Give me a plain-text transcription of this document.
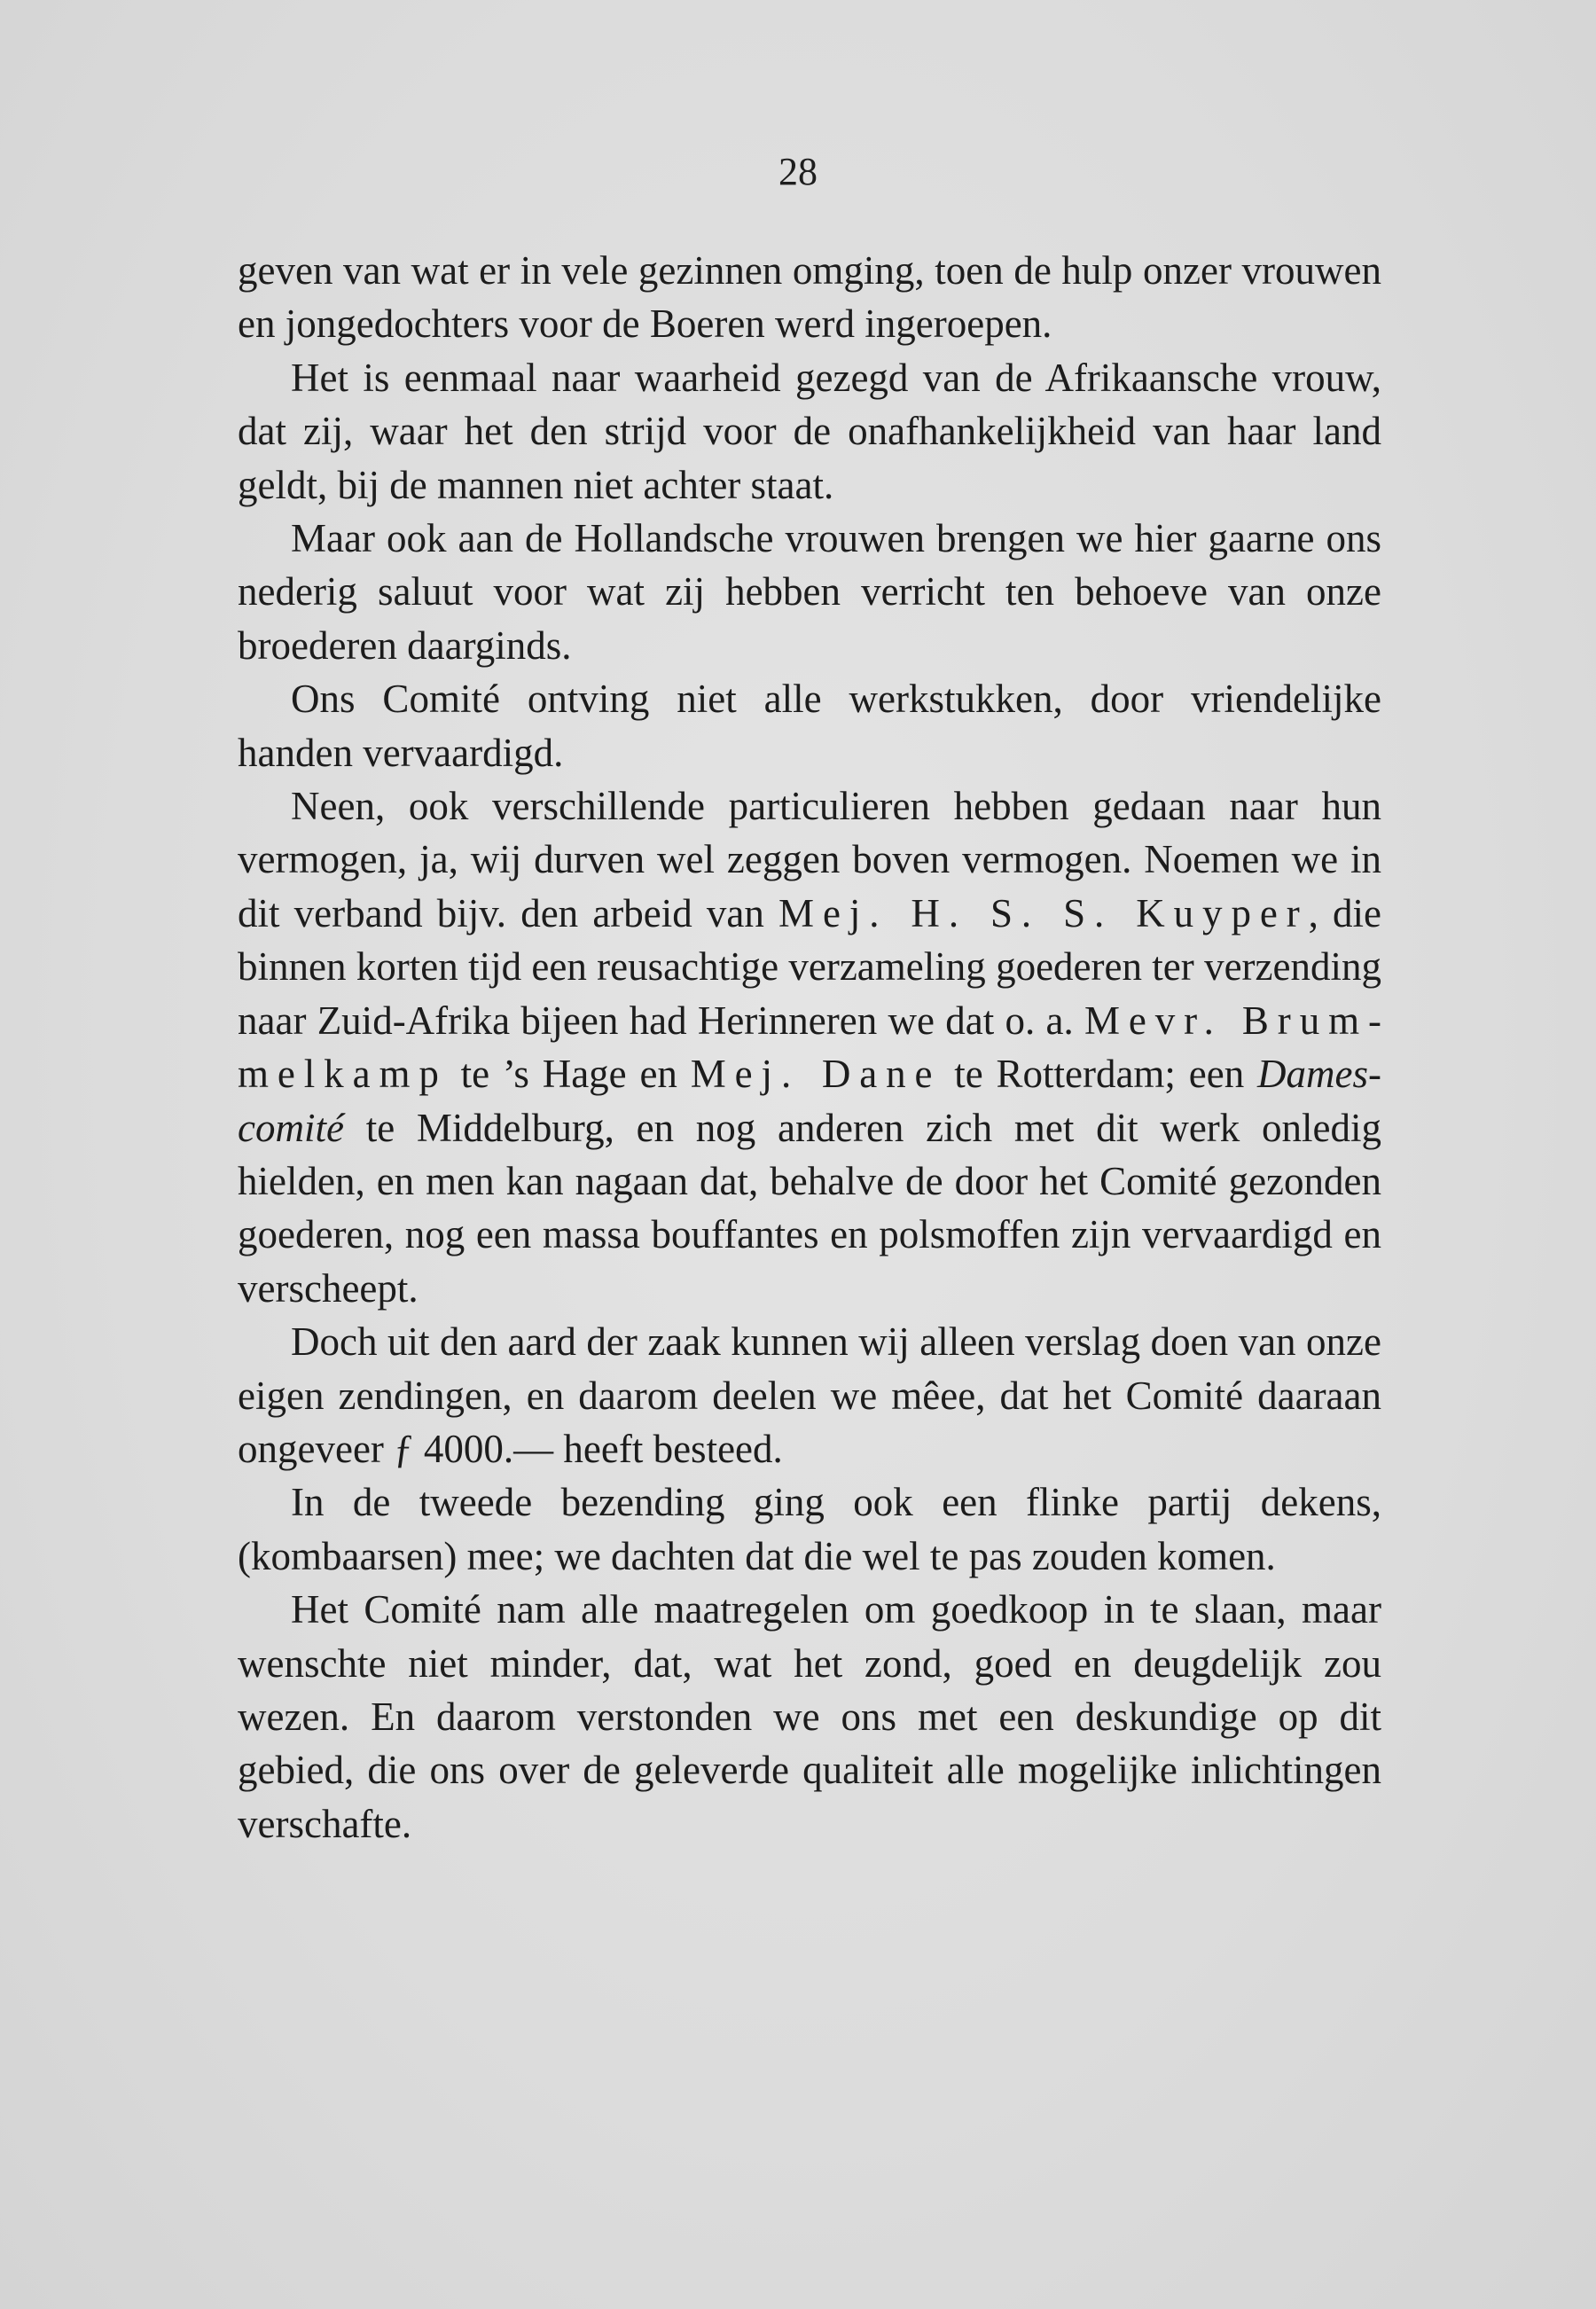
28

geven van wat er in vele gezinnen omging, toen de hulp onzer vrouwen en jongedochters voor de Boeren werd ingeroepen.

Het is eenmaal naar waarheid gezegd van de Afrikaansche vrouw, dat zij, waar het den strijd voor de onafhankelijkheid van haar land geldt, bij de mannen niet achter staat.

Maar ook aan de Hollandsche vrouwen brengen we hier gaarne ons nederig saluut voor wat zij hebben verricht ten behoeve van onze broederen daarginds.

Ons Comité ontving niet alle werkstukken, door vriendelijke handen vervaardigd.

Neen, ook verschillende particulieren hebben gedaan naar hun vermogen, ja, wij durven wel zeggen boven vermogen. Noemen we in dit verband bijv. den arbeid van Mej. H. S. S. Kuyper, die binnen korten tijd een reusachtige verzameling goederen ter verzending naar Zuid-Afrika bijeen had Herinneren we dat o. a. Mevr. Brummelkamp te ’s Hage en Mej. Dane te Rotterdam; een Dames-comité te Middelburg, en nog anderen zich met dit werk onledig hielden, en men kan nagaan dat, behalve de door het Comité gezonden goederen, nog een massa bouffantes en polsmoffen zijn vervaardigd en verscheept.

Doch uit den aard der zaak kunnen wij alleen verslag doen van onze eigen zendingen, en daarom deelen we mêee, dat het Comité daaraan ongeveer ƒ 4000.— heeft besteed.

In de tweede bezending ging ook een flinke partij dekens, (kombaarsen) mee; we dachten dat die wel te pas zouden komen.

Het Comité nam alle maatregelen om goedkoop in te slaan, maar wenschte niet minder, dat, wat het zond, goed en deugdelijk zou wezen. En daarom verstonden we ons met een deskundige op dit gebied, die ons over de geleverde qualiteit alle mogelijke inlichtingen verschafte.
